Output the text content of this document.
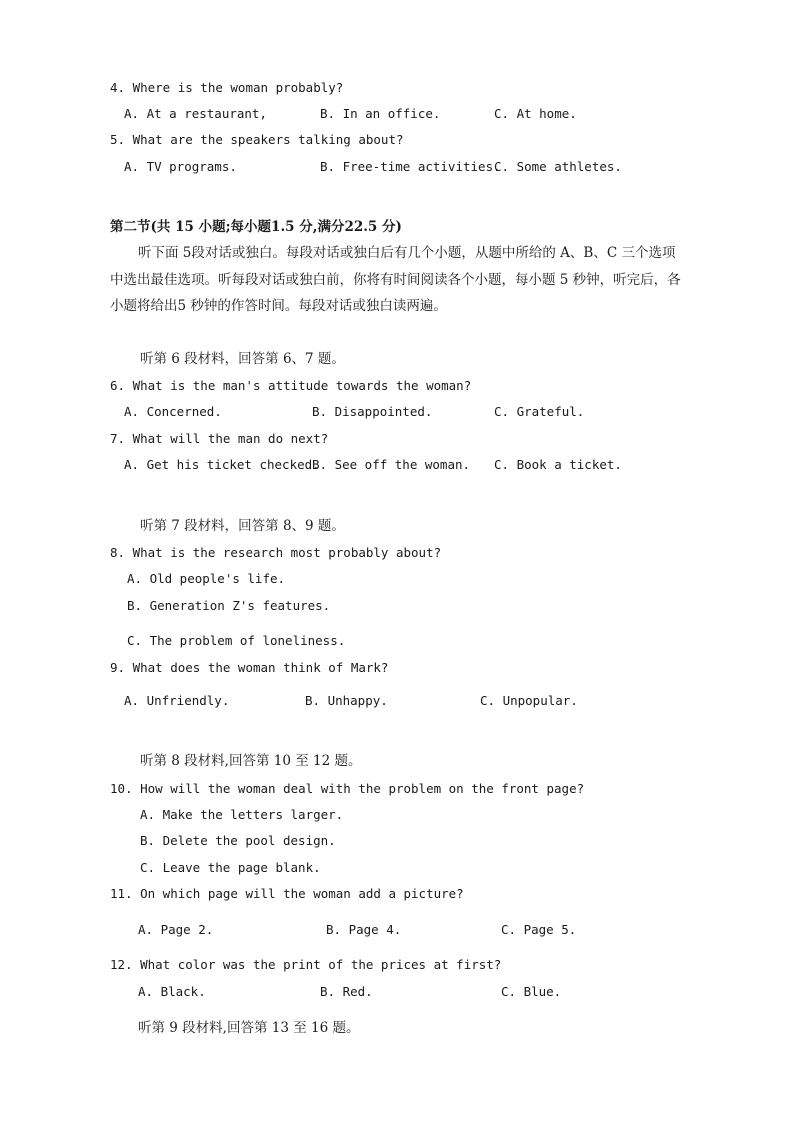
4. Where is the woman probably?
A. At a restaurant,	B. In an office.	C. At home.
5. What are the speakers talking about?
A. TV programs.	B. Free-time activities.
C. Some athletes.
第二节(共 15 小题;每小题1.5 分,满分22.5 分)
听下面 5段对话或独白。每段对话或独白后有几个小题，从题中所给的 A、B、C 三个选项中选出最佳选项。听每段对话或独白前，你将有时间阅读各个小题，每小题 5 秒钟，听完后，各小题将给出5 秒钟的作答时间。每段对话或独白读两遍。
听第 6 段材料，回答第 6、7 题。
6. What is the man's attitude towards the woman?
A. Concerned.	B. Disappointed.	C. Grateful.
7. What will the man do next?
A. Get his ticket checked.
B. See off the woman. C. Book a ticket.
听第 7 段材料，回答第 8、9 题。
8. What is the research most probably about?
A. Old people's life.
B. Generation Z's features.
C. The problem of loneliness.
9. What does the woman think of Mark?
A. Unfriendly.	B. Unhappy.	C. Unpopular.
听第 8 段材料,回答第 10 至 12 题。
10. How will the woman deal with the problem on the front page?
A. Make the letters larger.
B. Delete the pool design.
C. Leave the page blank.
11. On which page will the woman add a picture?
A. Page 2.	B. Page 4.	C. Page 5.
12. What color was the print of the prices at first?
A. Black.	B. Red.	C. Blue.
听第 9 段材料,回答第 13 至 16 题。
